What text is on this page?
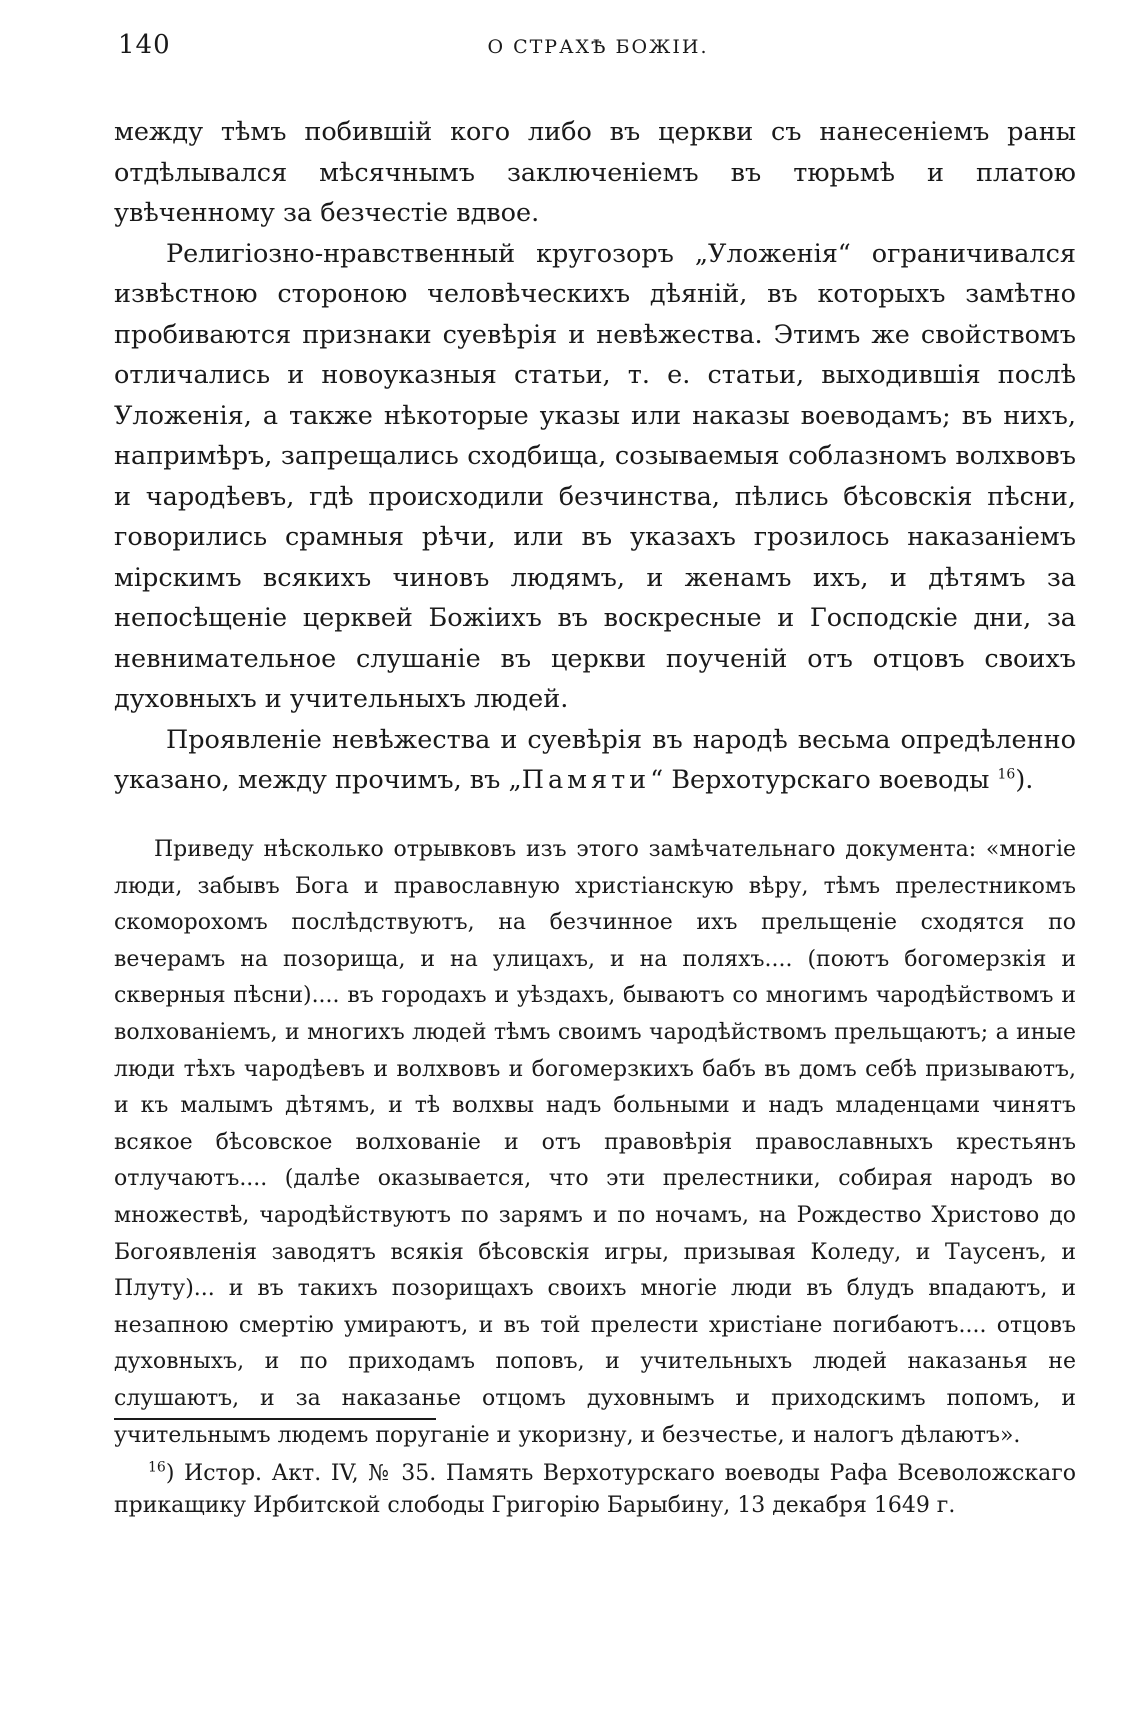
140	О СТРАХѢ БОЖІИ.

между тѣмъ побившій кого либо въ церкви съ нанесеніемъ раны отдѣлывался мѣсячнымъ заключеніемъ въ тюрьмѣ и платою увѣченному за безчестіе вдвое.

Религіозно-нравственный кругозоръ „Уложенія“ ограничивался извѣстною стороною человѣческихъ дѣяній, въ которыхъ замѣтно пробиваются признаки суевѣрія и невѣжества. Этимъ же свойствомъ отличались и новоуказныя статьи, т. е. статьи, выходившія послѣ Уложенія, а также нѣкоторые указы или наказы воеводамъ; въ нихъ, напримѣръ, запрещались сходбища, созываемыя соблазномъ волхвовъ и чародѣевъ, гдѣ происходили безчинства, пѣлись бѣсовскія пѣсни, говорились срамныя рѣчи, или въ указахъ грозилось наказаніемъ мірскимъ всякихъ чиновъ людямъ, и женамъ ихъ, и дѣтямъ за непосѣщеніе церквей Божіихъ въ воскресные и Господскіе дни, за невнимательное слушаніе въ церкви поученій отъ отцовъ своихъ духовныхъ и учительныхъ людей.

Проявленіе невѣжества и суевѣрія въ народѣ весьма опредѣленно указано, между прочимъ, въ „Памяти“ Верхотурскаго воеводы $^{16}$).

Приведу нѣсколько отрывковъ изъ этого замѣчательнаго документа: «многіе люди, забывъ Бога и православную христіанскую вѣру, тѣмъ прелестникомъ скоморохомъ послѣдствуютъ, на безчинное ихъ прельщеніе сходятся по вечерамъ на позорища, и на улицахъ, и на поляхъ.... (поютъ богомерзкія и скверныя пѣсни).... въ городахъ и уѣздахъ, бываютъ со многимъ чародѣйствомъ и волхованіемъ, и многихъ людей тѣмъ своимъ чародѣйствомъ прельщаютъ; а иные люди тѣхъ чародѣевъ и волхвовъ и богомерзкихъ бабъ въ домъ себѣ призываютъ, и къ малымъ дѣтямъ, и тѣ волхвы надъ больными и надъ младенцами чинятъ всякое бѣсовское волхованіе и отъ правовѣрія православныхъ крестьянъ отлучаютъ.... (далѣе оказывается, что эти прелестники, собирая народъ во множествѣ, чародѣйствуютъ по зарямъ и по ночамъ, на Рождество Христово до Богоявленія заводятъ всякія бѣсовскія игры, призывая Коледу, и Таусенъ, и Плуту)... и въ такихъ позорищахъ своихъ многіе люди въ блудъ впадаютъ, и незапною смертію умираютъ, и въ той прелести христіане погибаютъ.... отцовъ духовныхъ, и по приходамъ поповъ, и учительныхъ людей наказанья не слушаютъ, и за наказанье отцомъ духовнымъ и приходскимъ попомъ, и учительнымъ людемъ поруганіе и укоризну, и безчестье, и налогъ дѣлаютъ».

$^{16}$) Истор. Акт. IV, № 35. Память Верхотурскаго воеводы Рафа Всеволожскаго прикащику Ирбитской слободы Григорію Барыбину, 13 декабря 1649 г.
